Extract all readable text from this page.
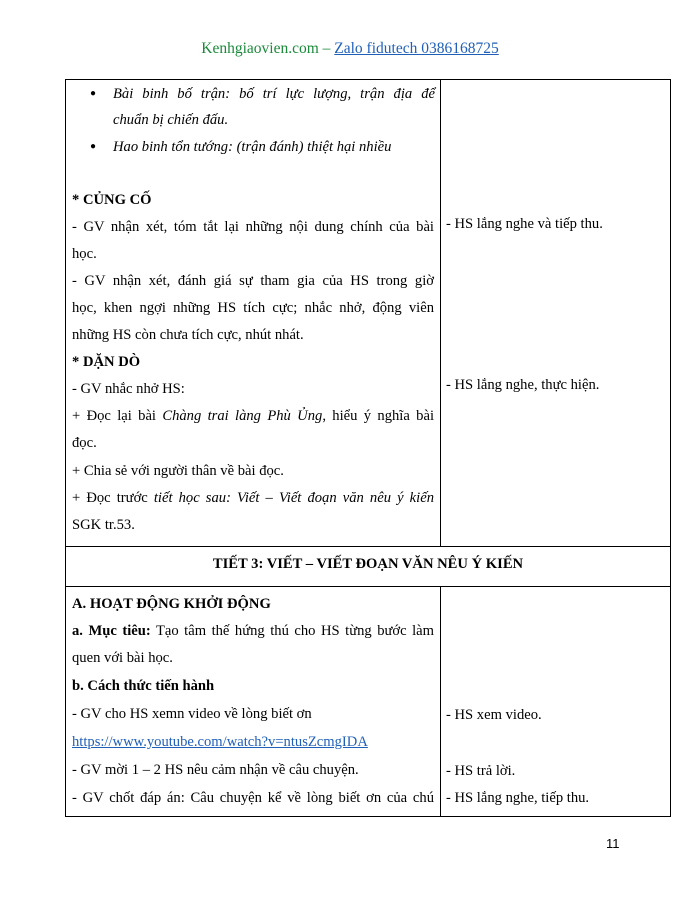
Kenhgiaovien.com – Zalo fidutech 0386168725
● Bài binh bố trận: bố trí lực lượng, trận địa để
chuẩn bị chiến đấu.
● Hao binh tổn tướng: (trận đánh) thiệt hại nhiều
* CỦNG CỐ
- GV nhận xét, tóm tắt lại những nội dung chính của bài
học.
- GV nhận xét, đánh giá sự tham gia của HS trong giờ
học, khen ngợi những HS tích cực; nhắc nhở, động viên
những HS còn chưa tích cực, nhút nhát.
* DẶN DÒ
- GV nhắc nhở HS:
+ Đọc lại bài Chàng trai làng Phù Ủng, hiểu ý nghĩa bài
đọc.
+ Chia sẻ với người thân về bài đọc.
+ Đọc trước tiết học sau: Viết – Viết đoạn văn nêu ý kiến
SGK tr.53.
- HS lắng nghe và tiếp thu.
- HS lắng nghe, thực hiện.
TIẾT 3: VIẾT – VIẾT ĐOẠN VĂN NÊU Ý KIẾN
A. HOẠT ĐỘNG KHỞI ĐỘNG
a. Mục tiêu: Tạo tâm thế hứng thú cho HS từng bước làm
quen với bài học.
b. Cách thức tiến hành
- GV cho HS xemn video về lòng biết ơn
https://www.youtube.com/watch?v=ntusZcmgIDA
- GV mời 1 – 2 HS nêu cảm nhận về câu chuyện.
- GV chốt đáp án: Câu chuyện kể về lòng biết ơn của chú
- HS xem video.
- HS trả lời.
- HS lắng nghe, tiếp thu.
11
